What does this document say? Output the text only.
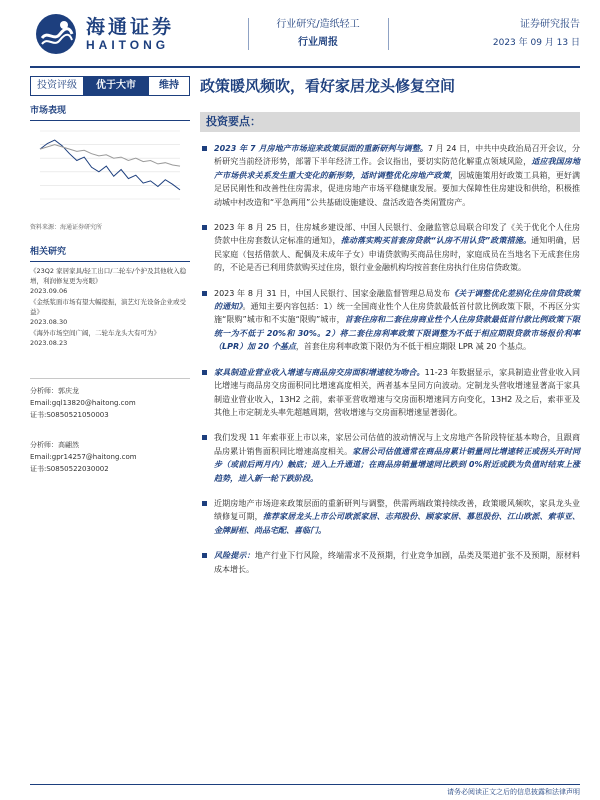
海通证券
HAITONG
行业研究/造纸轻工
行业周报
证券研究报告
2023 年 09 月 13 日
投资评级	优于大市	维持	政策暖风频吹，看好家居龙头修复空间
市场表现
资料来源：海通证券研究所
相关研究
《23Q2 家居家具/轻工出口/二轮车/个护及其他收入稳增，利润修复更为亮眼》
2023.09.06
《金纸浆面市场有望大幅提振，演艺灯光设备企业或受益》
2023.08.30
《海外市场空间广阔，二轮车龙头大有可为》
2023.08.23
分析师：郭庆龙
Email:gql13820@haitong.com
证书:S0850521050003
分析师：高翩然
Email:gpr14257@haitong.com
证书:S0850522030002
投资要点：
2023 年 7 月房地产市场迎来政策层面的重新研判与调整。7 月 24 日，中共中央政治局召开会议，分析研究当前经济形势，部署下半年经济工作。会议指出，要切实防范化解重点领域风险，适应我国房地产市场供求关系发生重大变化的新形势，适时调整优化房地产政策，因城施策用好政策工具箱，更好满足居民刚性和改善性住房需求，促进房地产市场平稳健康发展。要加大保障性住房建设和供给，积极推动城中村改造和“平急两用”公共基础设施建设、盘活改造各类闲置房产。
2023 年 8 月 25 日，住房城乡建设部、中国人民银行、金融监管总局联合印发了《关于优化个人住房贷款中住房套数认定标准的通知》，推动落实购买首套房贷款“认房不用认贷”政策措施。通知明确，居民家庭（包括借款人、配偶及未成年子女）申请贷款购买商品住房时，家庭成员在当地名下无成套住房的，不论是否已利用贷款购买过住房，银行业金融机构均按首套住房执行住房信贷政策。
2023 年 8 月 31 日，中国人民银行、国家金融监督管理总局发布《关于调整优化差别化住房信贷政策的通知》。通知主要内容包括：1）统一全国商业性个人住房贷款最低首付款比例政策下限，不再区分实施“限购”城市和不实施“限购”城市，首套住房和二套住房商业性个人住房贷款最低首付款比例政策下限统一为不低于 20%和 30%。2）将二套住房利率政策下限调整为不低于相应期限贷款市场报价利率（LPR）加 20 个基点，首套住房利率政策下限仍为不低于相应期限 LPR 减 20 个基点。
家具制造业营业收入增速与商品房交房面积增速较为吻合。11-23 年数据显示，家具制造业营业收入同比增速与商品房交房面积同比增速高度相关，两者基本呈同方向波动。定制龙头营收增速显著高于家具制造业营业收入，13H2 之前，索菲亚营收增速与交房面积增速同方向变化，13H2 及之后，索菲亚及其他上市定制龙头率先超越周期，营收增速与交房面积增速显著弱化。
我们发现 11 年索菲亚上市以来，家居公司估值的波动情况与上文房地产各阶段特征基本吻合，且跟商品房累计销售面积同比增速高度相关。家居公司估值通常在商品房累计销量同比增速转正或拐头开时同步（或前后两月内）触底；进入上升通道；在商品房销量增速同比跌到 0%附近或跌为负值时结束上涨趋势，进入新一轮下跌阶段。
近期房地产市场迎来政策层面的重新研判与调整，供需两端政策持续改善，政策暖风频吹，家具龙头业绩修复可期，推荐家居龙头上市公司欧派家居、志邦股份、顾家家居、慕思股份、江山欧派、索菲亚、金牌厨柜、尚品宅配、喜临门。
风险提示：地产行业下行风险，终端需求不及预期，行业竞争加剧，品类及渠道扩张不及预期，原材料成本增长。
请务必阅读正文之后的信息披露和法律声明
